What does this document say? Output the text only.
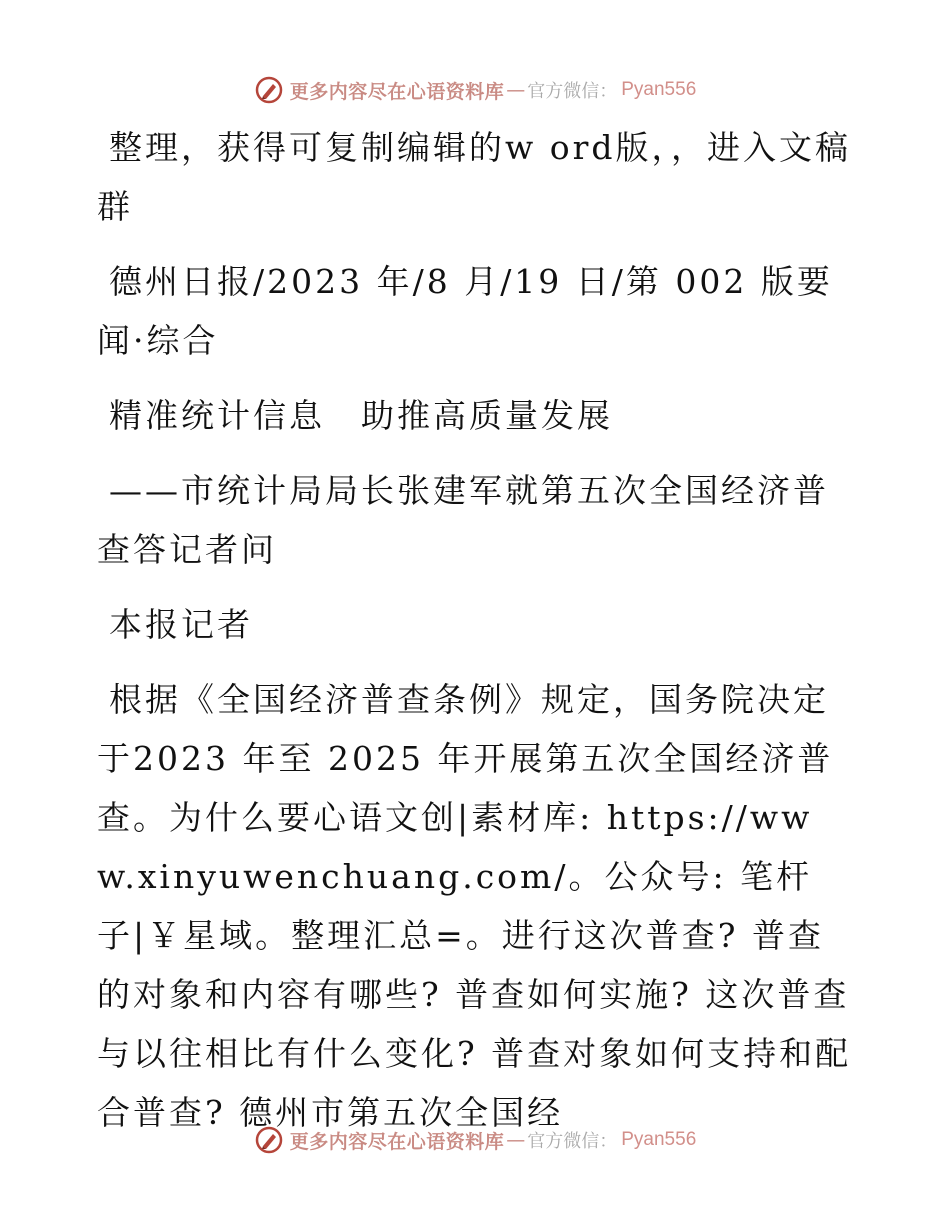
更多内容尽在心语资料库 — 官方微信： Pyan556

整理，获得可复制编辑的w ord版，，进入文稿群

德州日报/2023 年/8 月/19 日/第 002 版要闻·综合

精准统计信息　助推高质量发展

——市统计局局长张建军就第五次全国经济普查答记者问

本报记者

根据《全国经济普查条例》规定，国务院决定于2023 年至 2025 年开展第五次全国经济普查。为什么要心语文创|素材库: https://www.xinyuwenchuang.com/。公众号: 笔杆子|￥星域。整理汇总=。进行这次普查? 普查的对象和内容有哪些? 普查如何实施? 这次普查与以往相比有什么变化? 普查对象如何支持和配合普查? 德州市第五次全国经

更多内容尽在心语资料库 — 官方微信： Pyan556
